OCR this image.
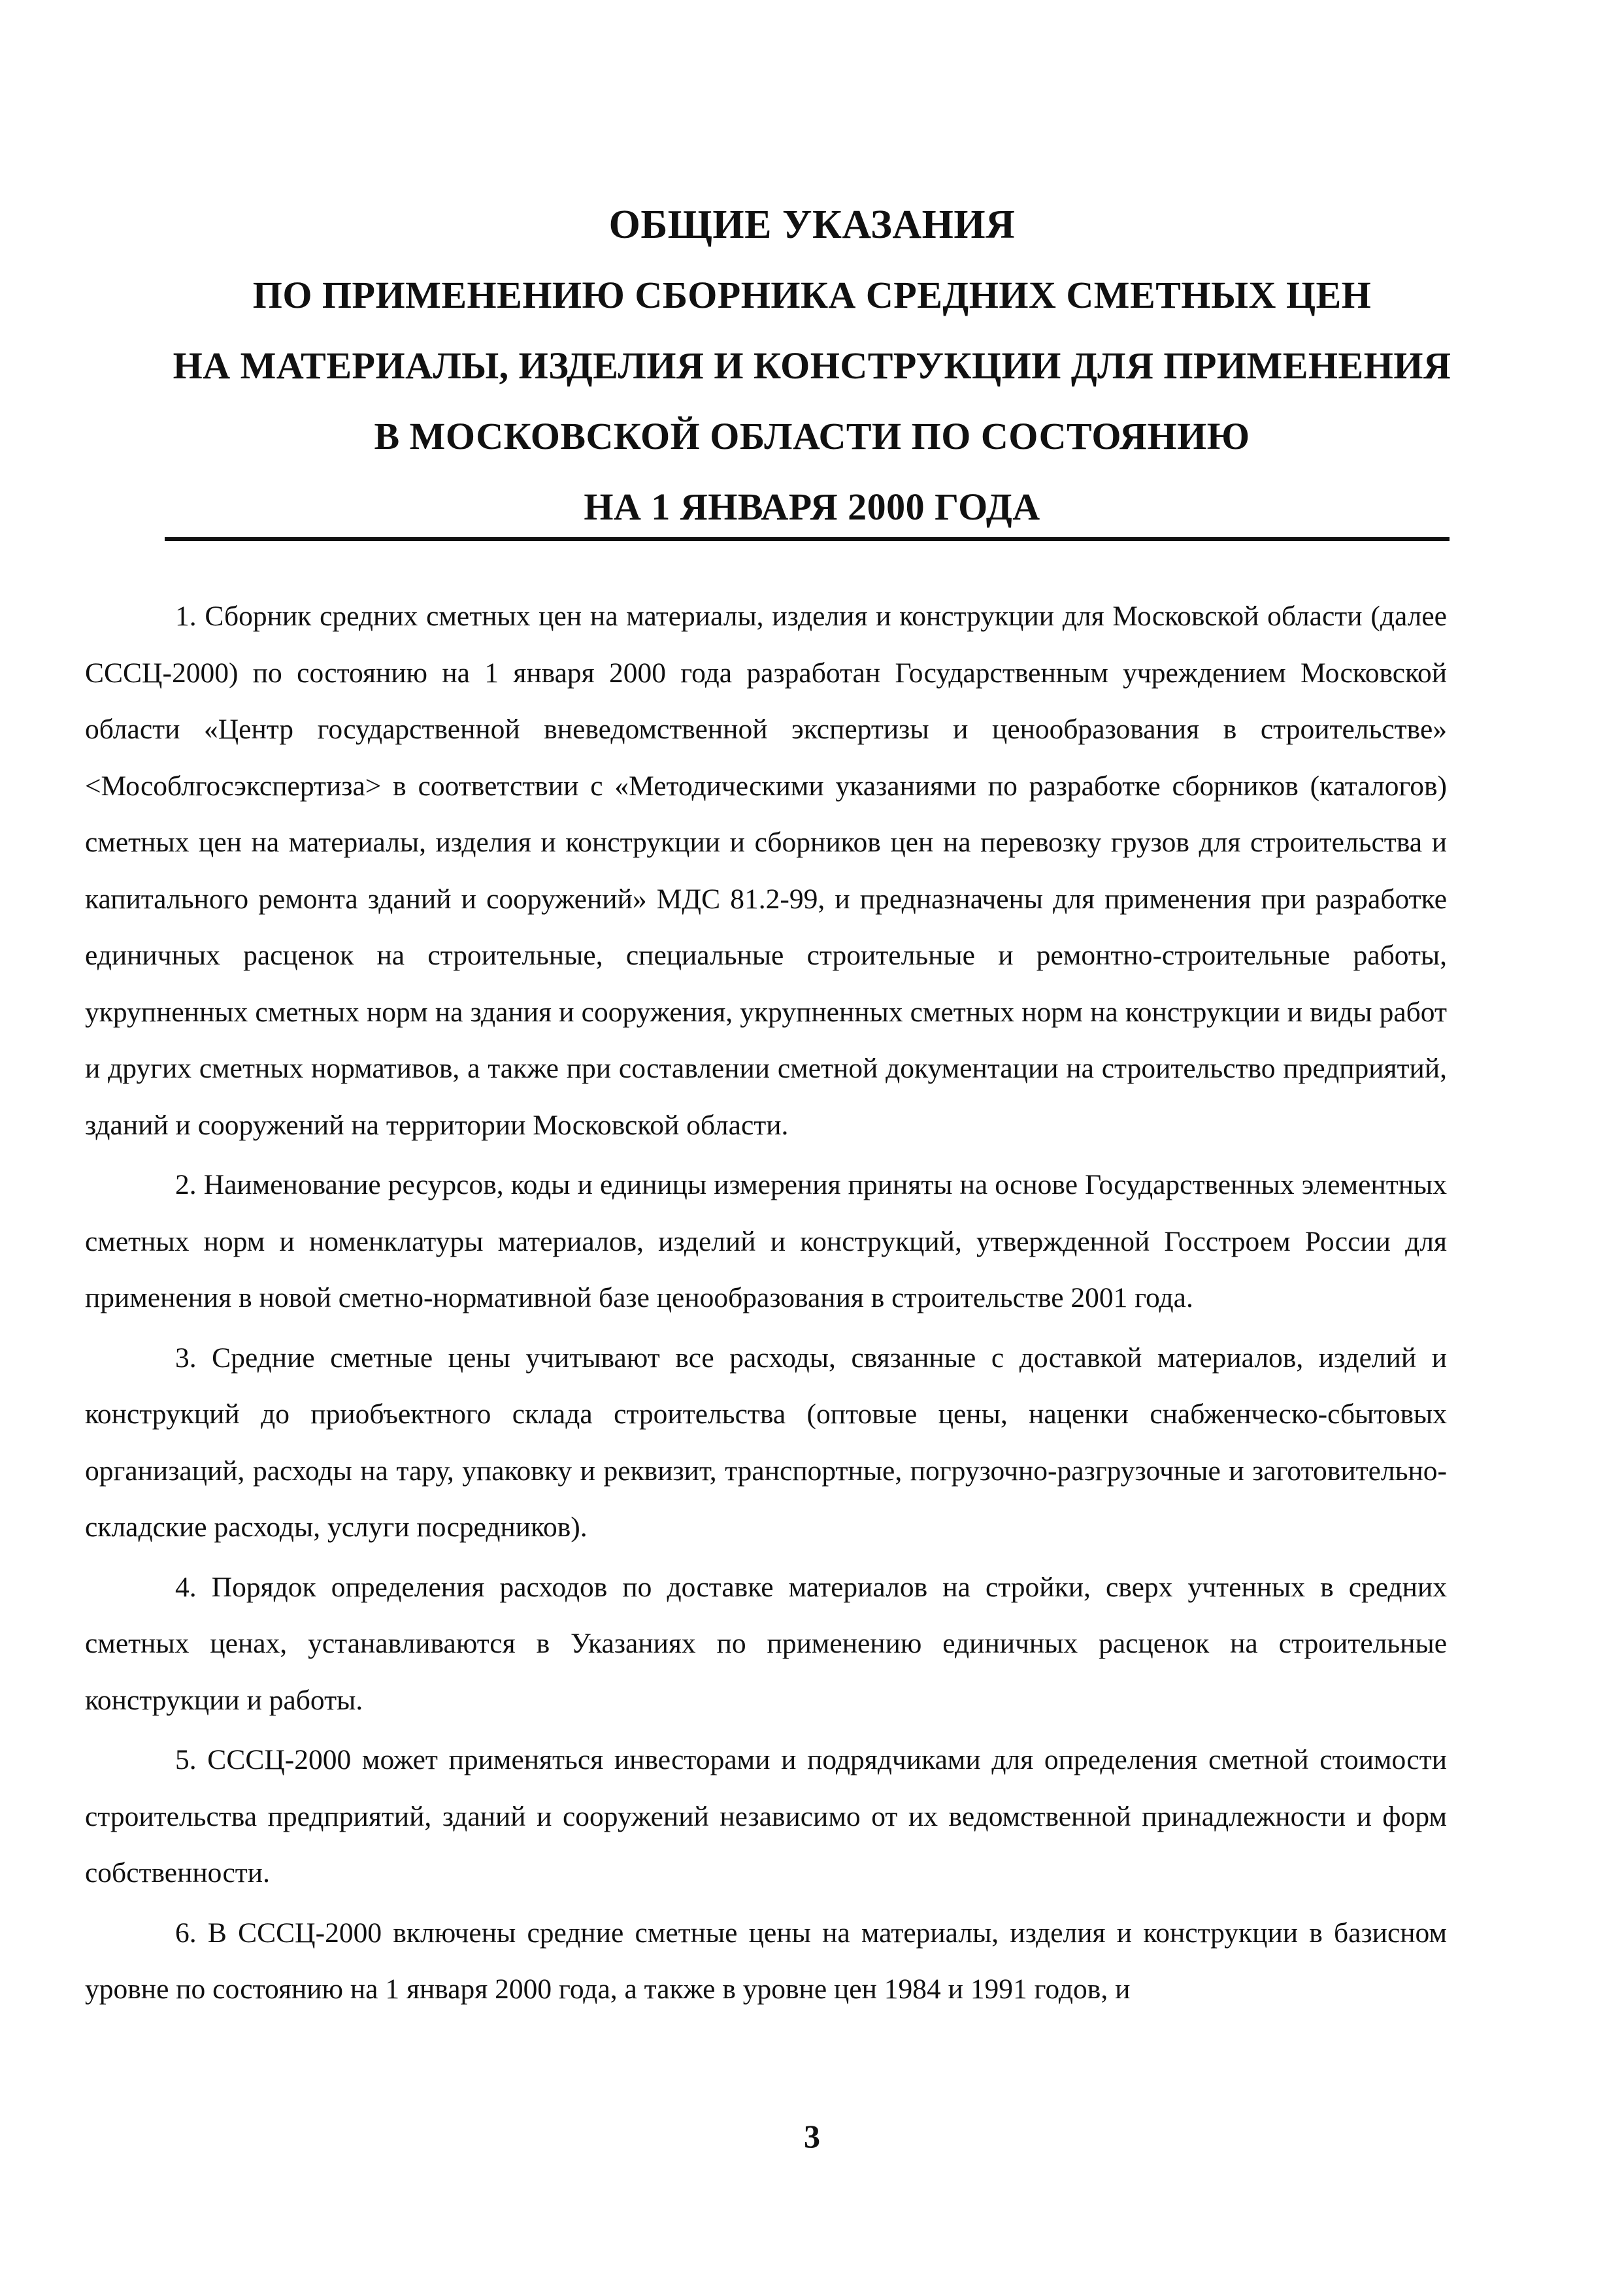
ОБЩИЕ УКАЗАНИЯ
ПО ПРИМЕНЕНИЮ СБОРНИКА СРЕДНИХ СМЕТНЫХ ЦЕН
НА МАТЕРИАЛЫ, ИЗДЕЛИЯ И КОНСТРУКЦИИ ДЛЯ ПРИМЕНЕНИЯ
В МОСКОВСКОЙ ОБЛАСТИ ПО СОСТОЯНИЮ
НА 1 ЯНВАРЯ 2000 ГОДА

1. Сборник средних сметных цен на материалы, изделия и конструкции для Московской области (далее СССЦ-2000) по состоянию на 1 января 2000 года разработан Государственным учреждением Московской области «Центр государственной вневедомственной экспертизы и ценообразования в строительстве» <Мособлгосэкспертиза> в соответствии с «Методическими указаниями по разработке сборников (каталогов) сметных цен на материалы, изделия и конструкции и сборников цен на перевозку грузов для строительства и капитального ремонта зданий и сооружений» МДС 81.2-99, и предназначены для применения при разработке единичных расценок на строительные, специальные строительные и ремонтно-строительные работы, укрупненных сметных норм на здания и сооружения, укрупненных сметных норм на конструкции и виды работ и других сметных нормативов, а также при составлении сметной документации на строительство предприятий, зданий и сооружений на территории Московской области.

2. Наименование ресурсов, коды и единицы измерения приняты на основе Государственных элементных сметных норм и номенклатуры материалов, изделий и конструкций, утвержденной Госстроем России для применения в новой сметно-нормативной базе ценообразования в строительстве 2001 года.

3. Средние сметные цены учитывают все расходы, связанные с доставкой материалов, изделий и конструкций до приобъектного склада строительства (оптовые цены, наценки снабженческо-сбытовых организаций, расходы на тару, упаковку и реквизит, транспортные, погрузочно-разгрузочные и заготовительно-складские расходы, услуги посредников).

4. Порядок определения расходов по доставке материалов на стройки, сверх учтенных в средних сметных ценах, устанавливаются в Указаниях по применению единичных расценок на строительные конструкции и работы.

5. СССЦ-2000 может применяться инвесторами и подрядчиками для определения сметной стоимости строительства предприятий, зданий и сооружений независимо от их ведомственной принадлежности и форм собственности.

6. В СССЦ-2000 включены средние сметные цены на материалы, изделия и конструкции в базисном уровне по состоянию на 1 января 2000 года, а также в уровне цен 1984 и 1991 годов, и

3
